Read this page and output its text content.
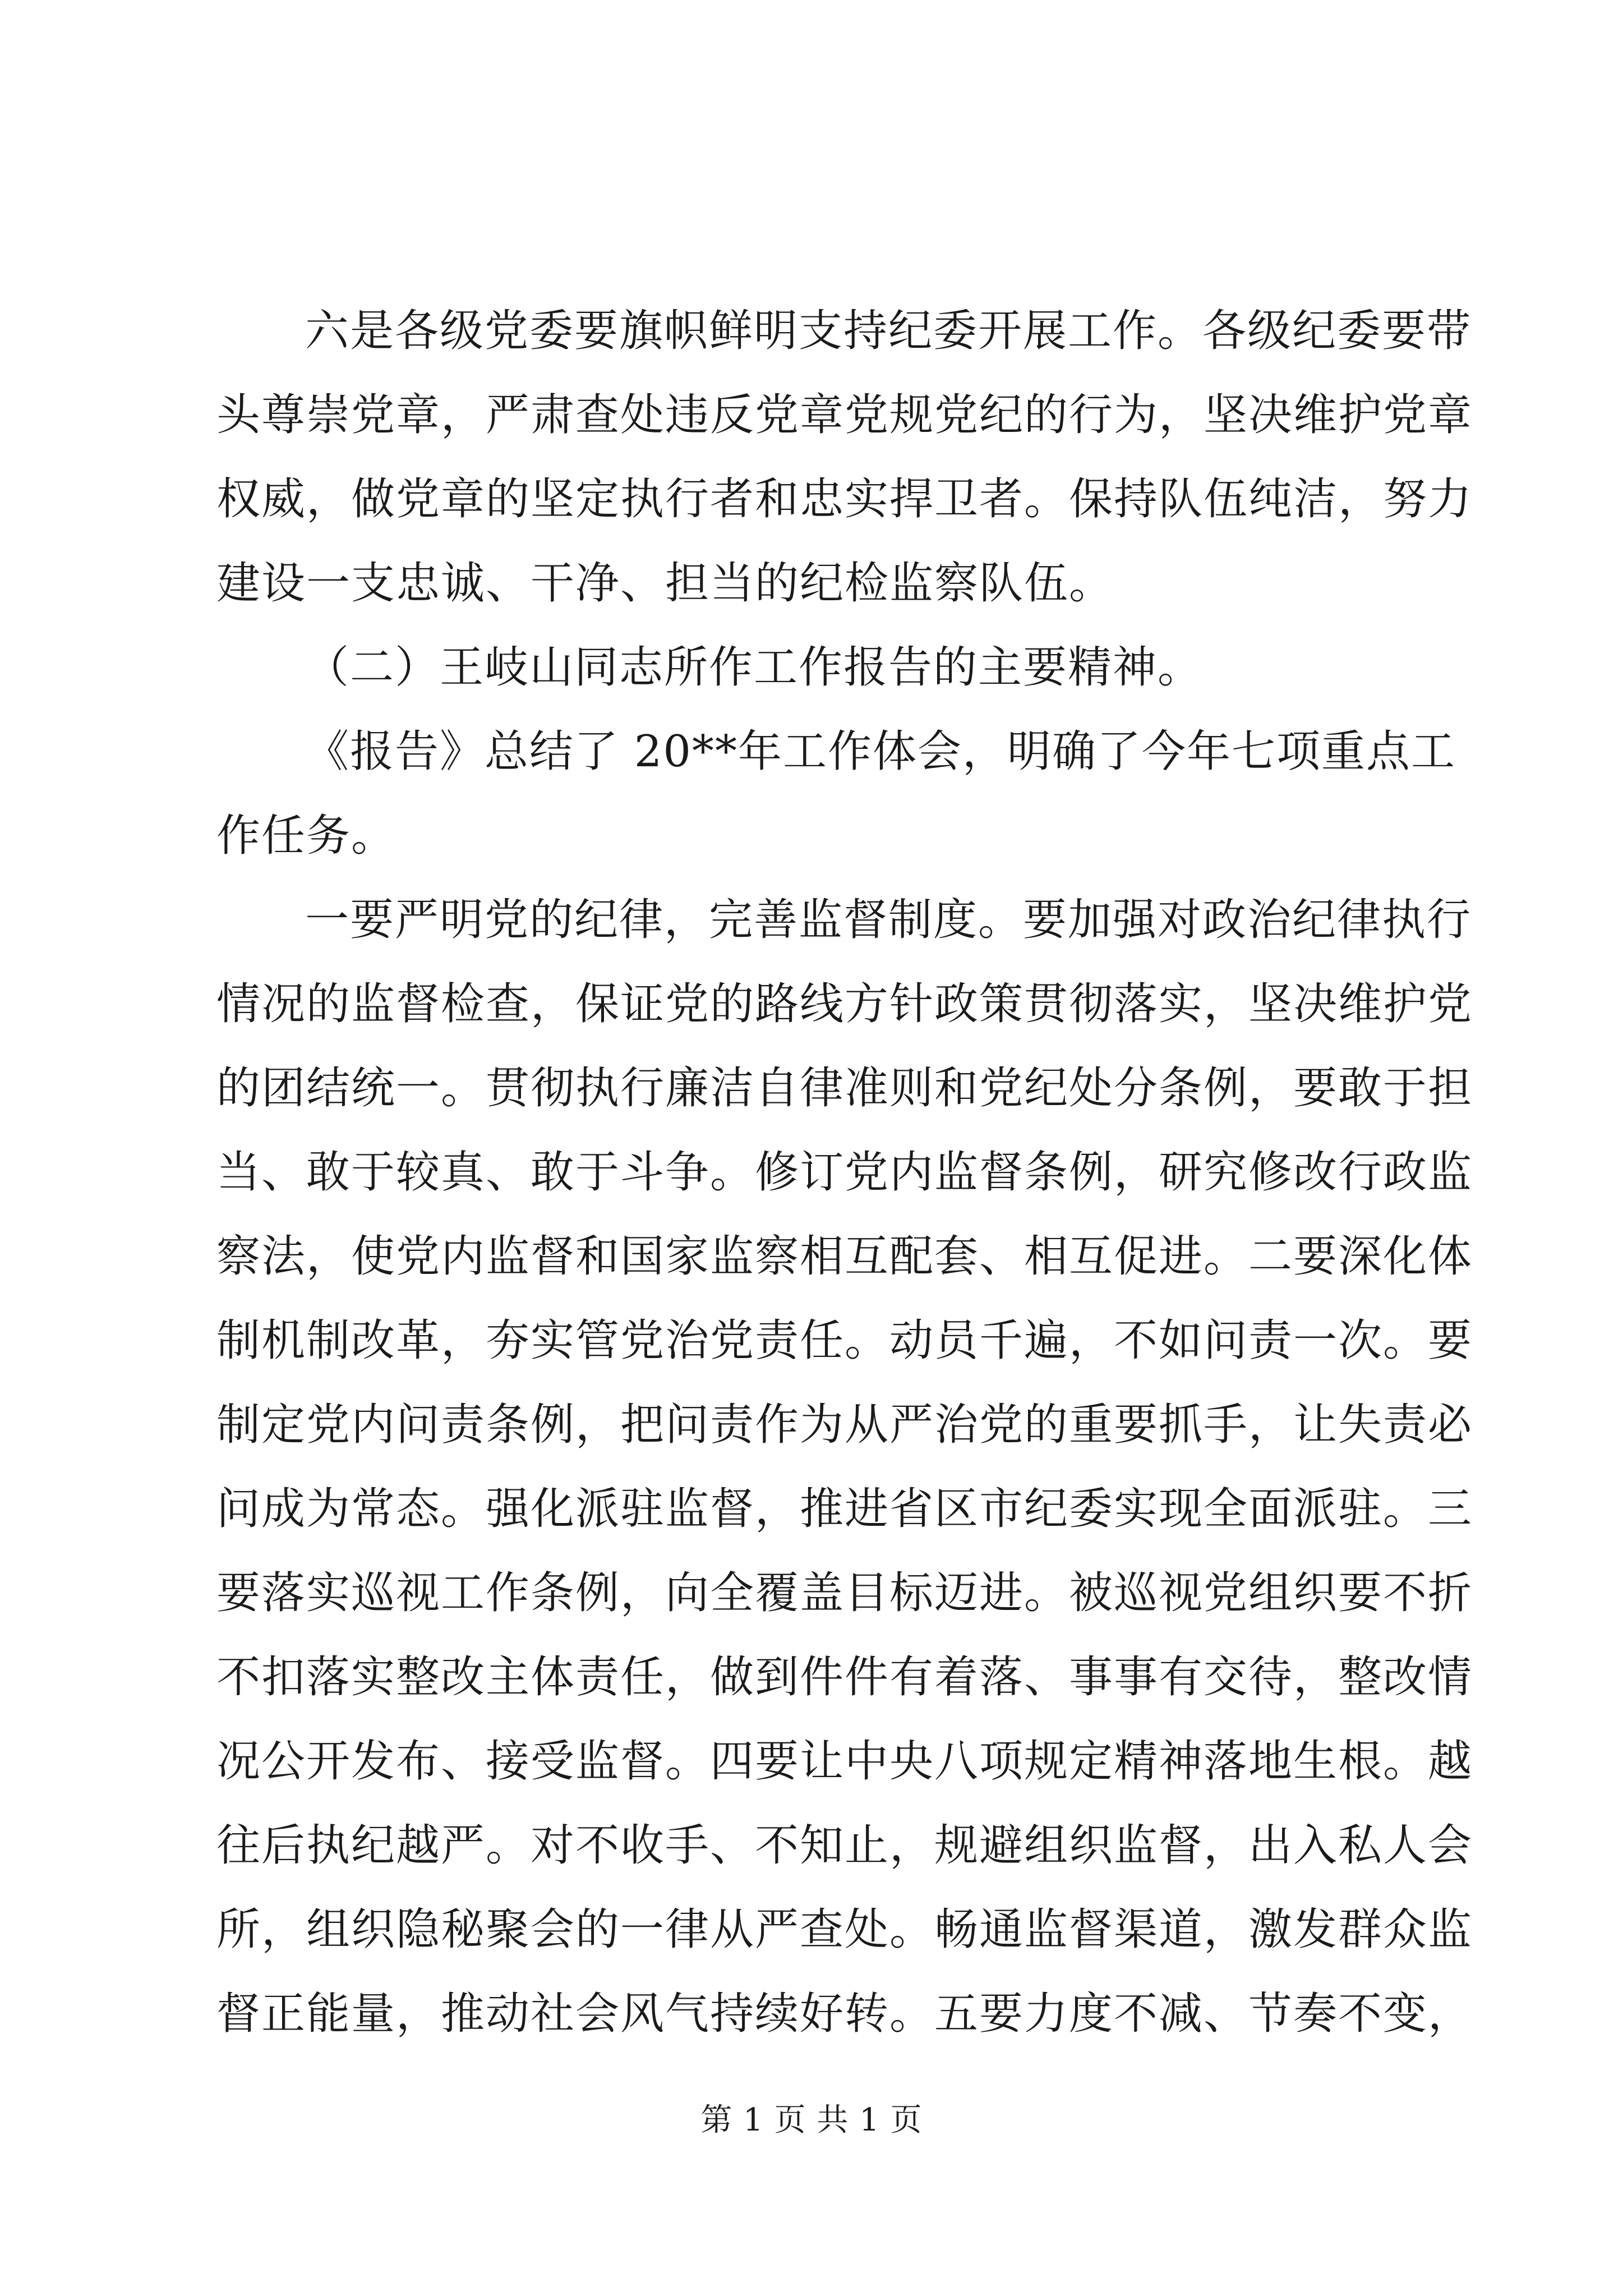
六是各级党委要旗帜鲜明支持纪委开展工作。各级纪委要带
头尊崇党章，严肃查处违反党章党规党纪的行为，坚决维护党章
权威，做党章的坚定执行者和忠实捍卫者。保持队伍纯洁，努力
建设一支忠诚、干净、担当的纪检监察队伍。
（二）王岐山同志所作工作报告的主要精神。
《报告》总结了 20**年工作体会，明确了今年七项重点工
作任务。
一要严明党的纪律，完善监督制度。要加强对政治纪律执行
情况的监督检查，保证党的路线方针政策贯彻落实，坚决维护党
的团结统一。贯彻执行廉洁自律准则和党纪处分条例，要敢于担
当、敢于较真、敢于斗争。修订党内监督条例，研究修改行政监
察法，使党内监督和国家监察相互配套、相互促进。二要深化体
制机制改革，夯实管党治党责任。动员千遍，不如问责一次。要
制定党内问责条例，把问责作为从严治党的重要抓手，让失责必
问成为常态。强化派驻监督，推进省区市纪委实现全面派驻。三
要落实巡视工作条例，向全覆盖目标迈进。被巡视党组织要不折
不扣落实整改主体责任，做到件件有着落、事事有交待，整改情
况公开发布、接受监督。四要让中央八项规定精神落地生根。越
往后执纪越严。对不收手、不知止，规避组织监督，出入私人会
所，组织隐秘聚会的一律从严查处。畅通监督渠道，激发群众监
督正能量，推动社会风气持续好转。五要力度不减、节奏不变，
第 1 页 共 1 页
